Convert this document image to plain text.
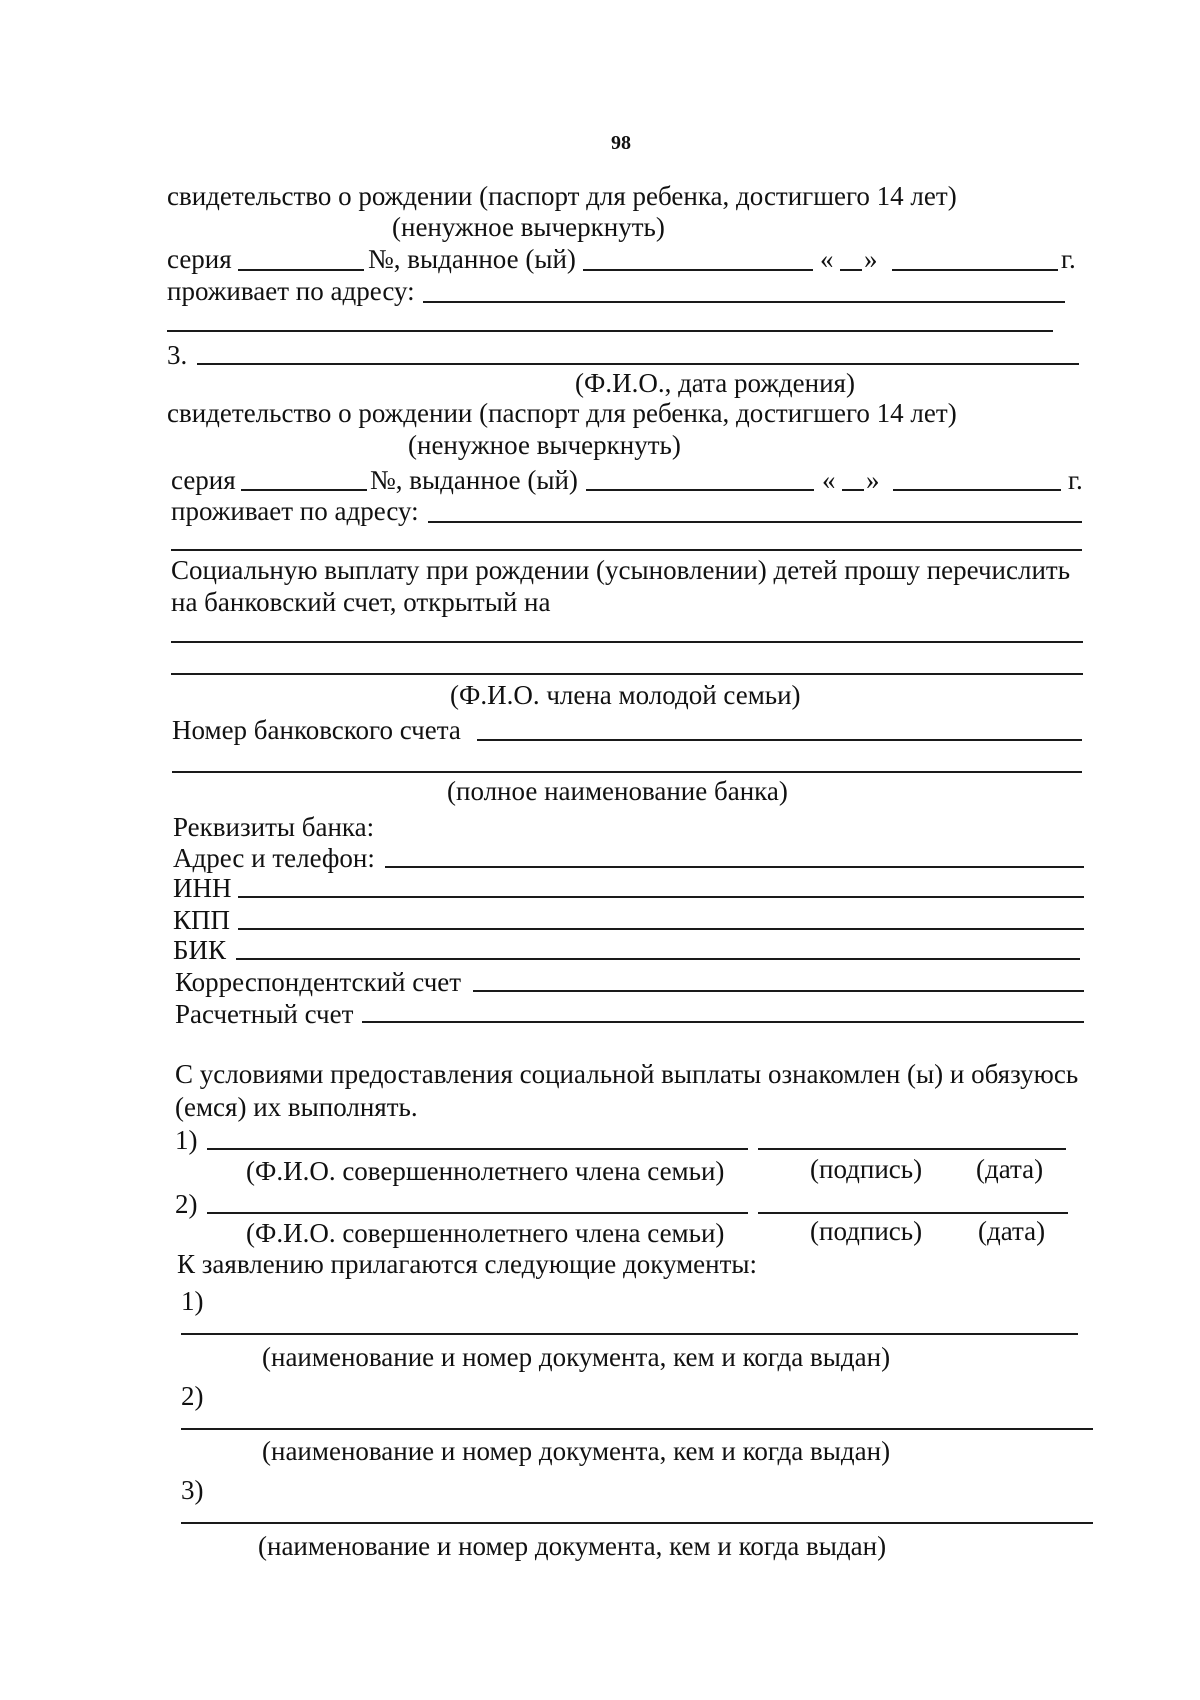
98
свидетельство о рождении (паспорт для ребенка, достигшего 14 лет)
(ненужное вычеркнуть)
серия	№, выданное (ый)	« »	г.
проживает по адресу:
3.
(Ф.И.О., дата рождения)
свидетельство о рождении (паспорт для ребенка, достигшего 14 лет)
(ненужное вычеркнуть)
серия	№, выданное (ый)	« »	г.
проживает по адресу:
Социальную выплату при рождении (усыновлении) детей прошу перечислить
на банковский счет, открытый на
(Ф.И.О. члена молодой семьи)
Номер банковского счета
(полное наименование банка)
Реквизиты банка:
Адрес и телефон:
ИНН
КПП
БИК
Корреспондентский счет
Расчетный счет
С условиями предоставления социальной выплаты ознакомлен (ы) и обязуюсь
(емся) их выполнять.
1)
(Ф.И.О. совершеннолетнего члена семьи)	(подпись) (дата)
2)
(Ф.И.О. совершеннолетнего члена семьи)	(подпись) (дата)
К заявлению прилагаются следующие документы:
1)
(наименование и номер документа, кем и когда выдан)
2)
(наименование и номер документа, кем и когда выдан)
3)
(наименование и номер документа, кем и когда выдан)
